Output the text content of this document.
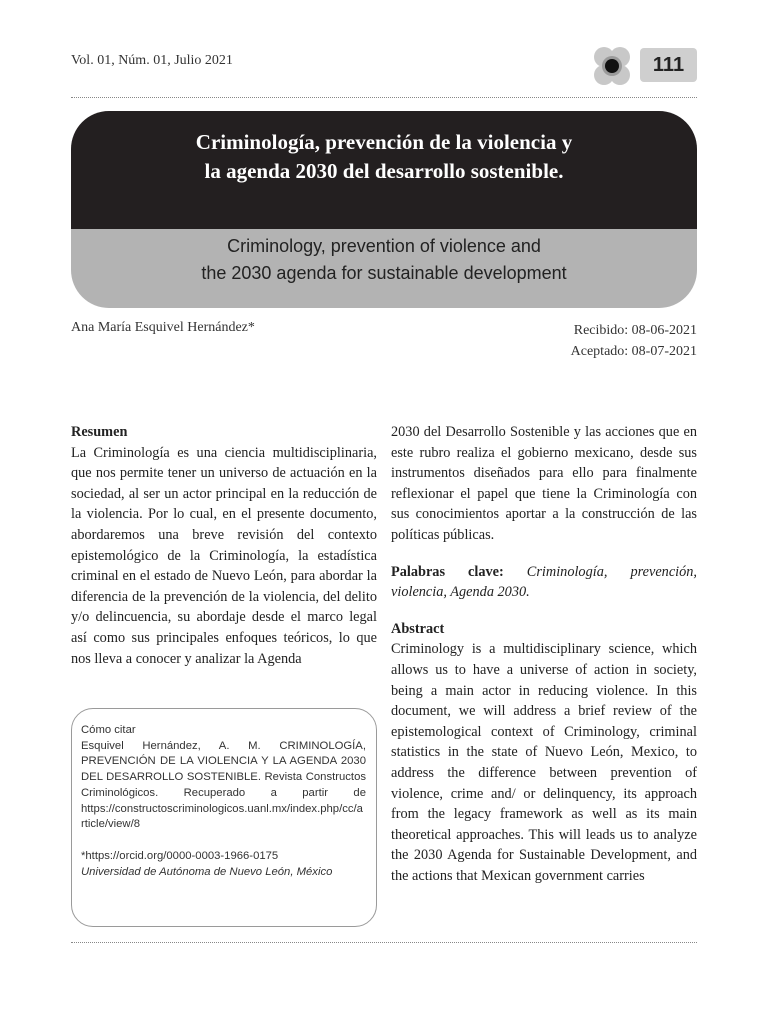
Vol. 01, Núm. 01, Julio 2021	111
Criminología, prevención de la violencia y
la agenda 2030 del desarrollo sostenible.
Criminology, prevention of violence and
the 2030 agenda for sustainable development
Ana María Esquivel Hernández*	Recibido: 08-06-2021
Aceptado: 08-07-2021
Resumen

La Criminología es una ciencia multidisciplinaria, que nos permite tener un universo de actuación en la sociedad, al ser un actor principal en la reducción de la violencia. Por lo cual, en el presente documento, abordaremos una breve revisión del contexto epistemológico de la Criminología, la estadística criminal en el estado de Nuevo León, para abordar la diferencia de la prevención de la violencia, del delito y/o delincuencia, su abordaje desde el marco legal así como sus principales enfoques teóricos, lo que nos lleva a conocer y analizar la Agenda

Cómo citar
Esquivel Hernández, A. M. CRIMINOLOGÍA, PREVENCIÓN DE LA VIOLENCIA Y LA AGENDA 2030 DEL DESARROLLO SOSTENIBLE. Revista Constructos Criminológicos. Recuperado a partir de https://constructoscriminologicos.uanl.mx/index.php/cc/article/view/8
*https://orcid.org/0000-0003-1966-0175
Universidad de Autónoma de Nuevo León, México

2030 del Desarrollo Sostenible y las acciones que en este rubro realiza el gobierno mexicano, desde sus instrumentos diseñados para ello para finalmente reflexionar el papel que tiene la Criminología con sus conocimientos aportar a la construcción de las políticas públicas.

Palabras clave: Criminología, prevención, violencia, Agenda 2030.

Abstract

Criminology is a multidisciplinary science, which allows us to have a universe of action in society, being a main actor in reducing violence. In this document, we will address a brief review of the epistemological context of Criminology, criminal statistics in the state of Nuevo León, Mexico, to address the difference between prevention of violence, crime and/ or delinquency, its approach from the legacy framework as well as its main theoretical approaches. This will leads us to analyze the 2030 Agenda for Sustainable Development, and the actions that Mexican government carries
